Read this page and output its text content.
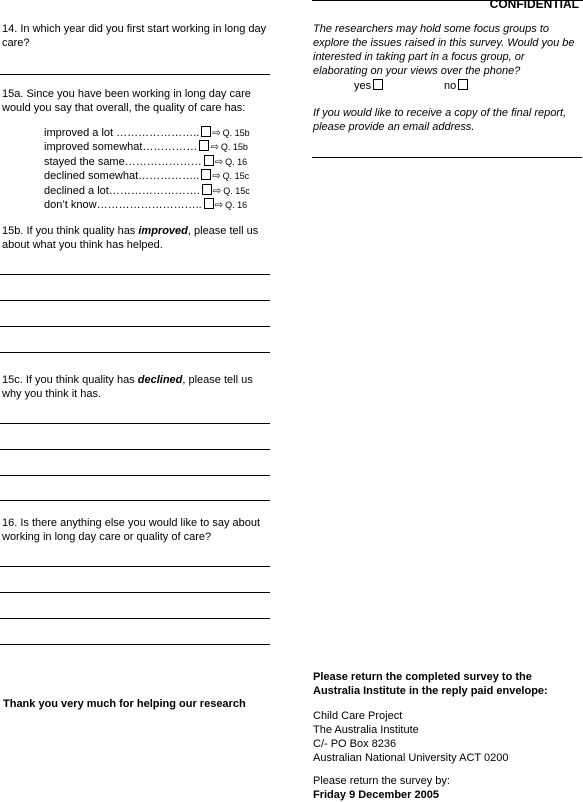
CONFIDENTIAL
14. In which year did you first start working in long day care?
15a. Since you have been working in long day care would you say that overall, the quality of care has:
improved a lot ………………….. ⇨ Q. 15b
improved somewhat…………… ⇨ Q. 15b
stayed the same………………… ⇨ Q. 16
declined somewhat…………….. ⇨ Q. 15c
declined a lot……………………. ⇨ Q. 15c
don’t know……………………….. ⇨ Q. 16
15b. If you think quality has improved, please tell us about what you think has helped.
15c. If you think quality has declined, please tell us why you think it has.
16. Is there anything else you would like to say about working in long day care or quality of care?
Thank you very much for helping our research
The researchers may hold some focus groups to explore the issues raised in this survey. Would you be interested in taking part in a focus group, or elaborating on your views over the phone?
yes	no
If you would like to receive a copy of the final report, please provide an email address.
Please return the completed survey to the Australia Institute in the reply paid envelope:
Child Care Project
The Australia Institute
C/- PO Box 8236
Australian National University ACT 0200
Please return the survey by:
Friday 9 December 2005
